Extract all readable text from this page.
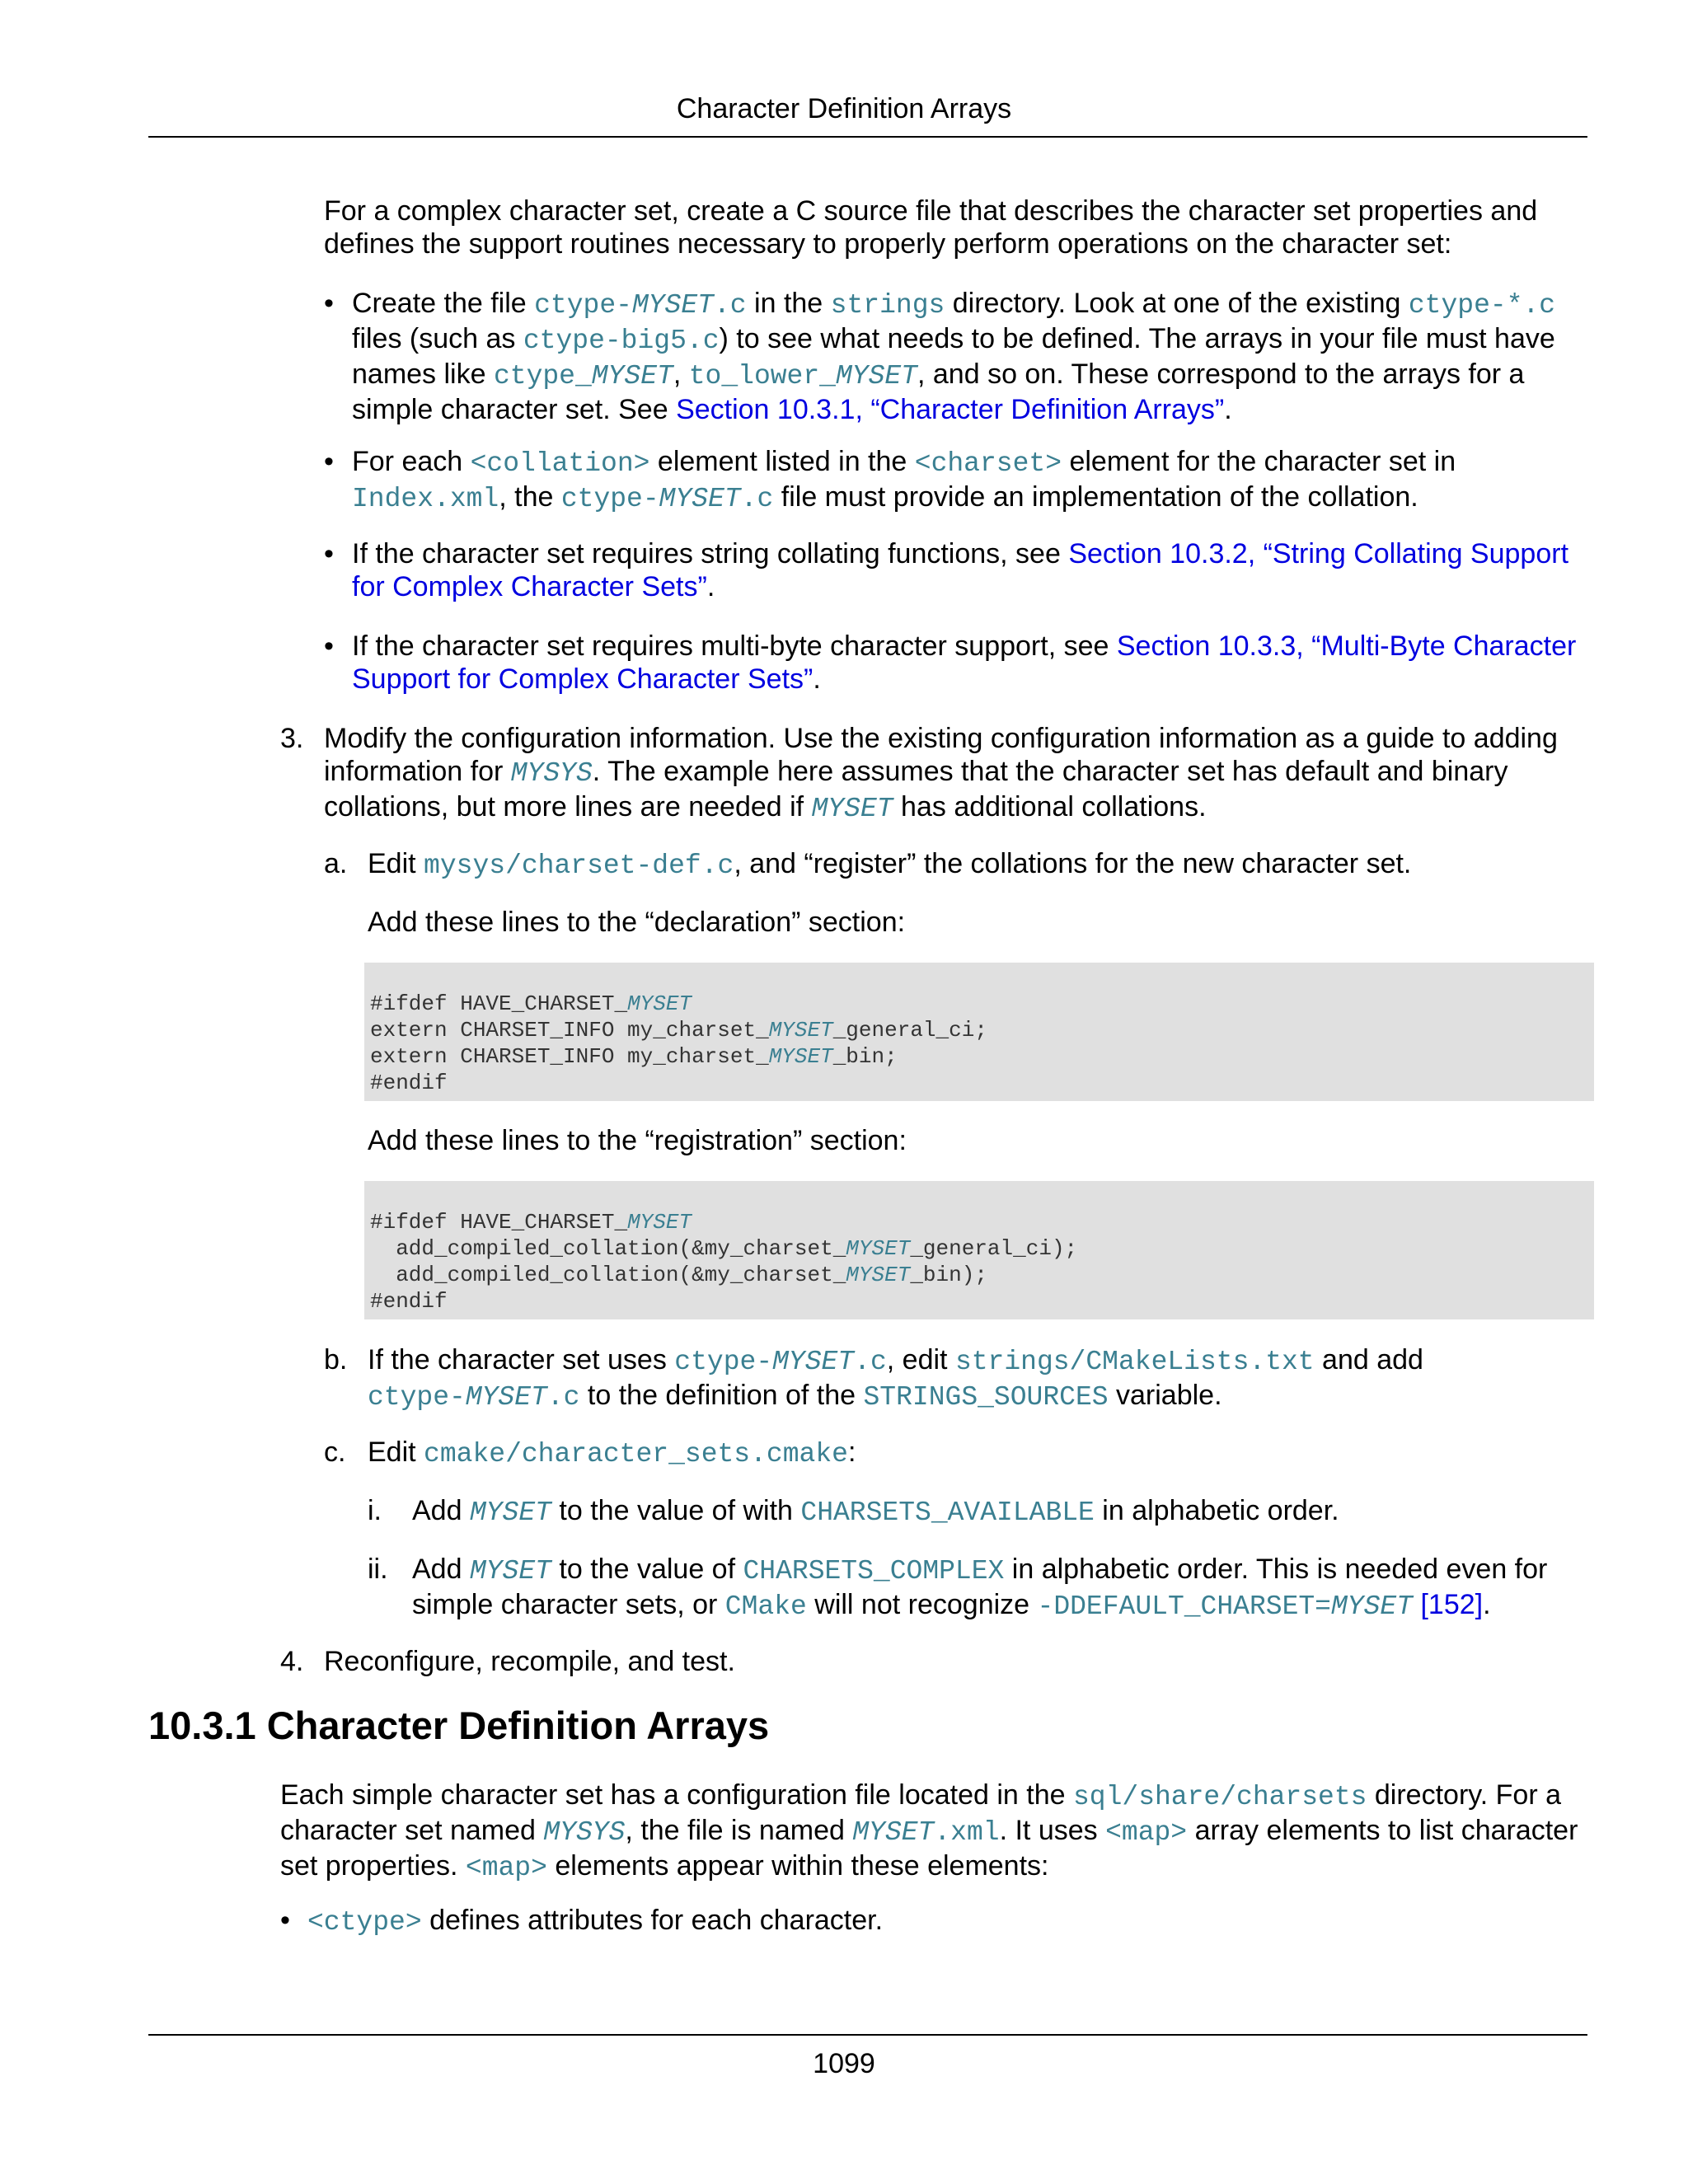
Character Definition Arrays

For a complex character set, create a C source file that describes the character set properties and defines the support routines necessary to properly perform operations on the character set:

• Create the file ctype-MYSET.c in the strings directory. Look at one of the existing ctype-*.c files (such as ctype-big5.c) to see what needs to be defined. The arrays in your file must have names like ctype_MYSET, to_lower_MYSET, and so on. These correspond to the arrays for a simple character set. See Section 10.3.1, “Character Definition Arrays”.

• For each <collation> element listed in the <charset> element for the character set in Index.xml, the ctype-MYSET.c file must provide an implementation of the collation.

• If the character set requires string collating functions, see Section 10.3.2, “String Collating Support for Complex Character Sets”.

• If the character set requires multi-byte character support, see Section 10.3.3, “Multi-Byte Character Support for Complex Character Sets”.

3. Modify the configuration information. Use the existing configuration information as a guide to adding information for MYSYS. The example here assumes that the character set has default and binary collations, but more lines are needed if MYSET has additional collations.

a. Edit mysys/charset-def.c, and “register” the collations for the new character set.

Add these lines to the “declaration” section:

#ifdef HAVE_CHARSET_MYSET
extern CHARSET_INFO my_charset_MYSET_general_ci;
extern CHARSET_INFO my_charset_MYSET_bin;
#endif

Add these lines to the “registration” section:

#ifdef HAVE_CHARSET_MYSET
add_compiled_collation(&my_charset_MYSET_general_ci);
add_compiled_collation(&my_charset_MYSET_bin);
#endif
b. If the character set uses ctype-MYSET.c, edit strings/CMakeLists.txt and add
ctype-MYSET.c to the definition of the STRINGS_SOURCES variable.

c. Edit cmake/character_sets.cmake:

i. Add MYSET to the value of with CHARSETS_AVAILABLE in alphabetic order.

ii. Add MYSET to the value of CHARSETS_COMPLEX in alphabetic order. This is needed even for simple character sets, or CMake will not recognize -DDEFAULT_CHARSET=MYSET [152].

4. Reconfigure, recompile, and test.

10.3.1 Character Definition Arrays

Each simple character set has a configuration file located in the sql/share/charsets directory. For a character set named MYSYS, the file is named MYSET.xml. It uses <map> array elements to list character set properties. <map> elements appear within these elements:

• <ctype> defines attributes for each character.

1099
